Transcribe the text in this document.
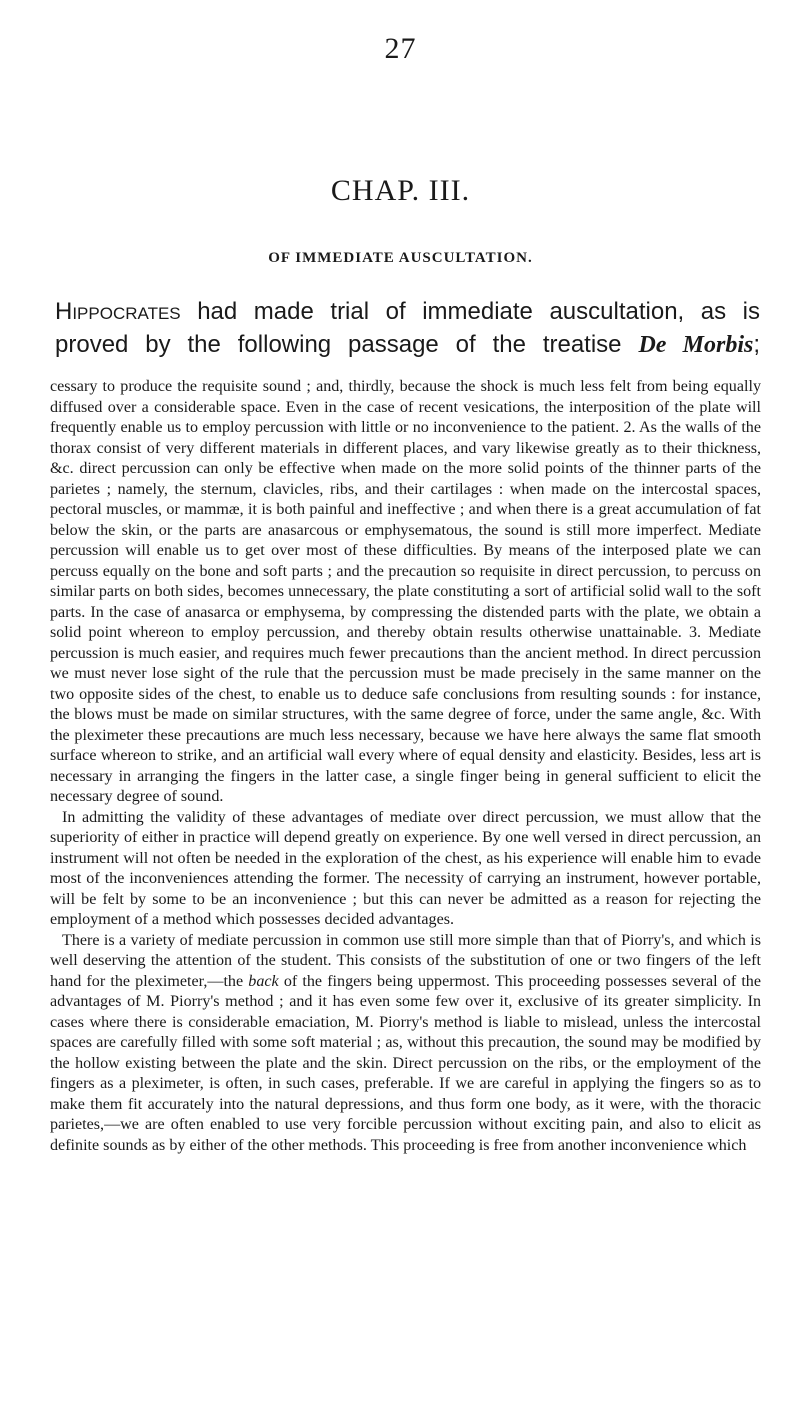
27
CHAP. III.
OF IMMEDIATE AUSCULTATION.
Hippocrates had made trial of immediate auscultation, as is
proved by the following passage of the treatise De Morbis;

cessary to produce the requisite sound ; and, thirdly, because the shock is much less felt from being equally diffused over a considerable space. Even in the case of recent vesications, the interposition of the plate will frequently enable us to employ percussion with little or no inconvenience to the patient. 2. As the walls of the thorax consist of very different materials in different places, and vary likewise greatly as to their thickness, &c. direct percussion can only be effective when made on the more solid points of the thinner parts of the parietes ; namely, the sternum, clavicles, ribs, and their cartilages : when made on the intercostal spaces, pectoral muscles, or mammæ, it is both painful and ineffective ; and when there is a great accumulation of fat below the skin, or the parts are anasarcous or emphysematous, the sound is still more imperfect. Mediate percussion will enable us to get over most of these difficulties. By means of the interposed plate we can percuss equally on the bone and soft parts ; and the precaution so requisite in direct percussion, to percuss on similar parts on both sides, becomes unnecessary, the plate constituting a sort of artificial solid wall to the soft parts. In the case of anasarca or emphysema, by compressing the distended parts with the plate, we obtain a solid point whereon to employ percussion, and thereby obtain results otherwise unattainable. 3. Mediate percussion is much easier, and requires much fewer precautions than the ancient method. In direct percussion we must never lose sight of the rule that the percussion must be made precisely in the same manner on the two opposite sides of the chest, to enable us to deduce safe conclusions from resulting sounds : for instance, the blows must be made on similar structures, with the same degree of force, under the same angle, &c. With the pleximeter these precautions are much less necessary, because we have here always the same flat smooth surface whereon to strike, and an artificial wall every where of equal density and elasticity. Besides, less art is necessary in arranging the fingers in the latter case, a single finger being in general sufficient to elicit the necessary degree of sound.

In admitting the validity of these advantages of mediate over direct percussion, we must allow that the superiority of either in practice will depend greatly on experience. By one well versed in direct percussion, an instrument will not often be needed in the exploration of the chest, as his experience will enable him to evade most of the inconveniences attending the former. The necessity of carrying an instrument, however portable, will be felt by some to be an inconvenience ; but this can never be admitted as a reason for rejecting the employment of a method which possesses decided advantages.

There is a variety of mediate percussion in common use still more simple than that of Piorry's, and which is well deserving the attention of the student. This consists of the substitution of one or two fingers of the left hand for the pleximeter,—the back of the fingers being uppermost. This proceeding possesses several of the advantages of M. Piorry's method ; and it has even some few over it, exclusive of its greater simplicity. In cases where there is considerable emaciation, M. Piorry's method is liable to mislead, unless the intercostal spaces are carefully filled with some soft material ; as, without this precaution, the sound may be modified by the hollow existing between the plate and the skin. Direct percussion on the ribs, or the employment of the fingers as a pleximeter, is often, in such cases, preferable. If we are careful in applying the fingers so as to make them fit accurately into the natural depressions, and thus form one body, as it were, with the thoracic parietes,—we are often enabled to use very forcible percussion without exciting pain, and also to elicit as definite sounds as by either of the other methods. This proceeding is free from another inconvenience which
